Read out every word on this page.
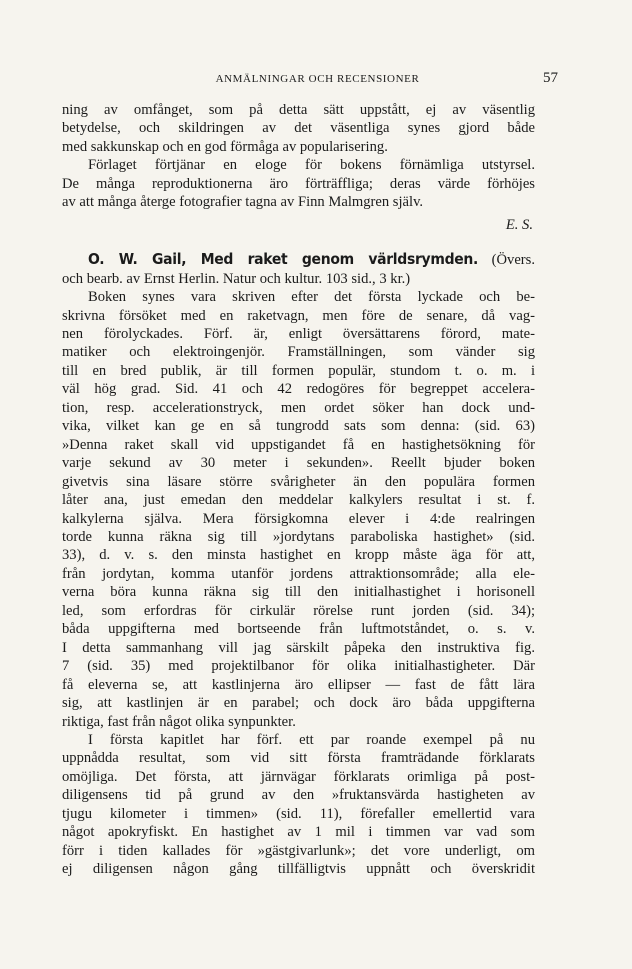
ANMÄLNINGAR OCH RECENSIONER	57

ning av omfånget, som på detta sätt uppstått, ej av väsentlig
betydelse, och skildringen av det väsentliga synes gjord både
med sakkunskap och en god förmåga av popularisering.

Förlaget förtjänar en eloge för bokens förnämliga utstyrsel.
De många reproduktionerna äro förträffliga; deras värde förhöjes
av att många återge fotografier tagna av Finn Malmgren själv.

E. S.

O. W. Gail, Med raket genom världsrymden. (Övers.
och bearb. av Ernst Herlin. Natur och kultur. 103 sid., 3 kr.)

Boken synes vara skriven efter det första lyckade och be-
skrivna försöket med en raketvagn, men före de senare, då vag-
nen förolyckades. Förf. är, enligt översättarens förord, mate-
matiker och elektroingenjör. Framställningen, som vänder sig
till en bred publik, är till formen populär, stundom t. o. m. i
väl hög grad. Sid. 41 och 42 redogöres för begreppet accelera-
tion, resp. accelerationstryck, men ordet söker han dock und-
vika, vilket kan ge en så tungrodd sats som denna: (sid. 63)
»Denna raket skall vid uppstigandet få en hastighetsökning för
varje sekund av 30 meter i sekunden». Reellt bjuder boken
givetvis sina läsare större svårigheter än den populära formen
låter ana, just emedan den meddelar kalkylers resultat i st. f.
kalkylerna själva. Mera försigkomna elever i 4:de realringen
torde kunna räkna sig till »jordytans paraboliska hastighet» (sid.
33), d. v. s. den minsta hastighet en kropp måste äga för att,
från jordytan, komma utanför jordens attraktionsområde; alla ele-
verna böra kunna räkna sig till den initialhastighet i horisonell
led, som erfordras för cirkulär rörelse runt jorden (sid. 34);
båda uppgifterna med bortseende från luftmotståndet, o. s. v.
I detta sammanhang vill jag särskilt påpeka den instruktiva fig.
7 (sid. 35) med projektilbanor för olika initialhastigheter. Där
få eleverna se, att kastlinjerna äro ellipser — fast de fått lära
sig, att kastlinjen är en parabel; och dock äro båda uppgifterna
riktiga, fast från något olika synpunkter.

I första kapitlet har förf. ett par roande exempel på nu
uppnådda resultat, som vid sitt första framträdande förklarats
omöjliga. Det första, att järnvägar förklarats orimliga på post-
diligensens tid på grund av den »fruktansvärda hastigheten av
tjugu kilometer i timmen» (sid. 11), förefaller emellertid vara
något apokryfiskt. En hastighet av 1 mil i timmen var vad som
förr i tiden kallades för »gästgivarlunk»; det vore underligt, om
ej diligensen någon gång tillfälligtvis uppnått och överskridit
